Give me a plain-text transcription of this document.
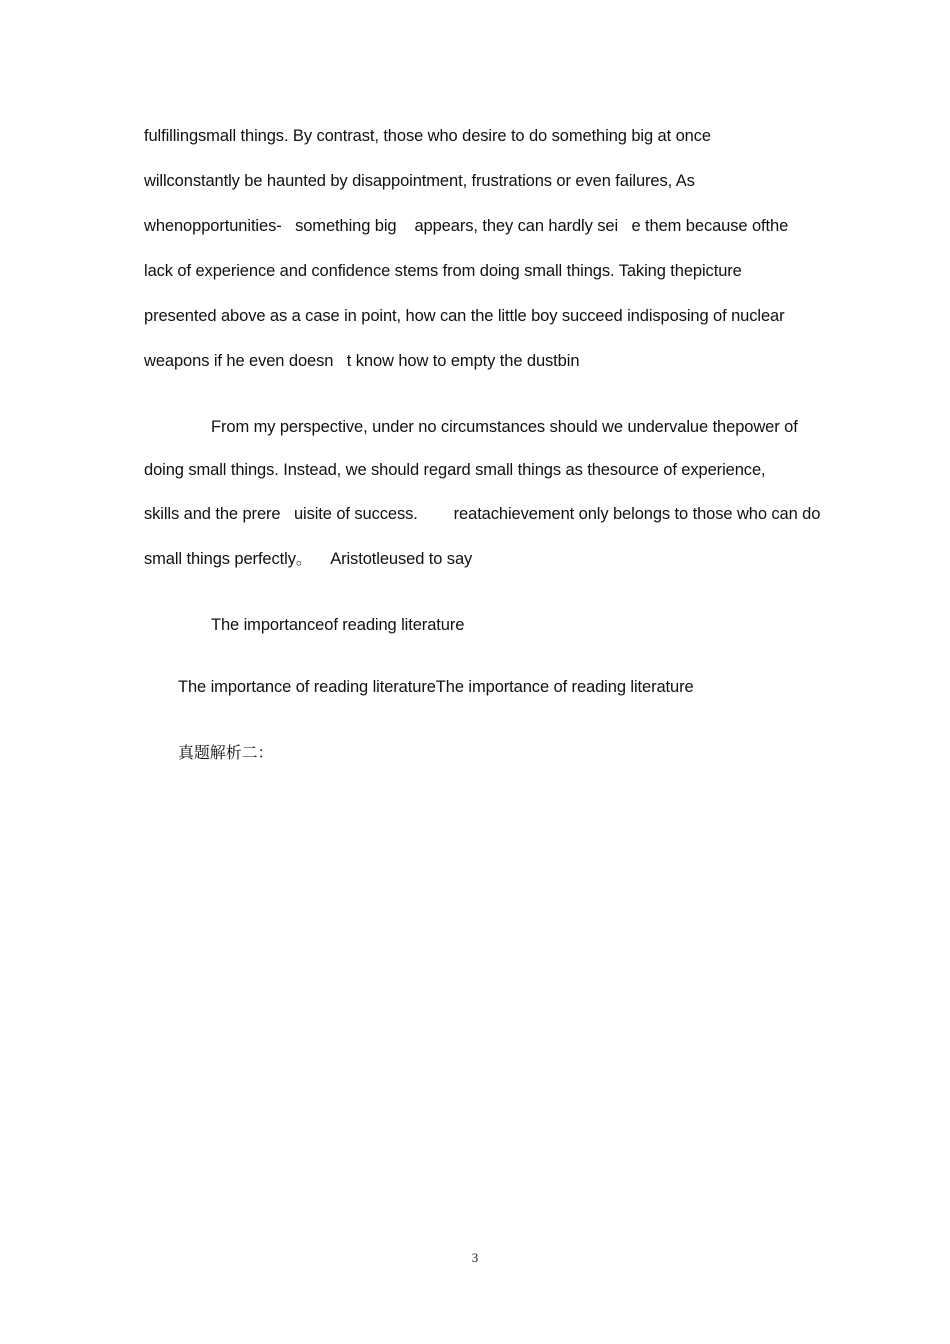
fulfillingsmall things. By contrast, those who desire to do something big at once
willconstantly be haunted by disappointment, frustrations or even failures, As
whenopportunities-   something big    appears, they can hardly sei   e them because ofthe
lack of experience and confidence stems from doing small things. Taking thepicture
presented above as a case in point, how can the little boy succeed indisposing of nuclear
weapons if he even doesn   t know how to empty the dustbin
From my perspective, under no circumstances should we undervalue thepower of
doing small things. Instead, we should regard small things as thesource of experience,
skills and the prere   uisite of success.        reatachievement only belongs to those who can do
small things perfectly。    Aristotleused to say
The importanceof reading literature
The importance of reading literatureThe importance of reading literature
真题解析二：
3
